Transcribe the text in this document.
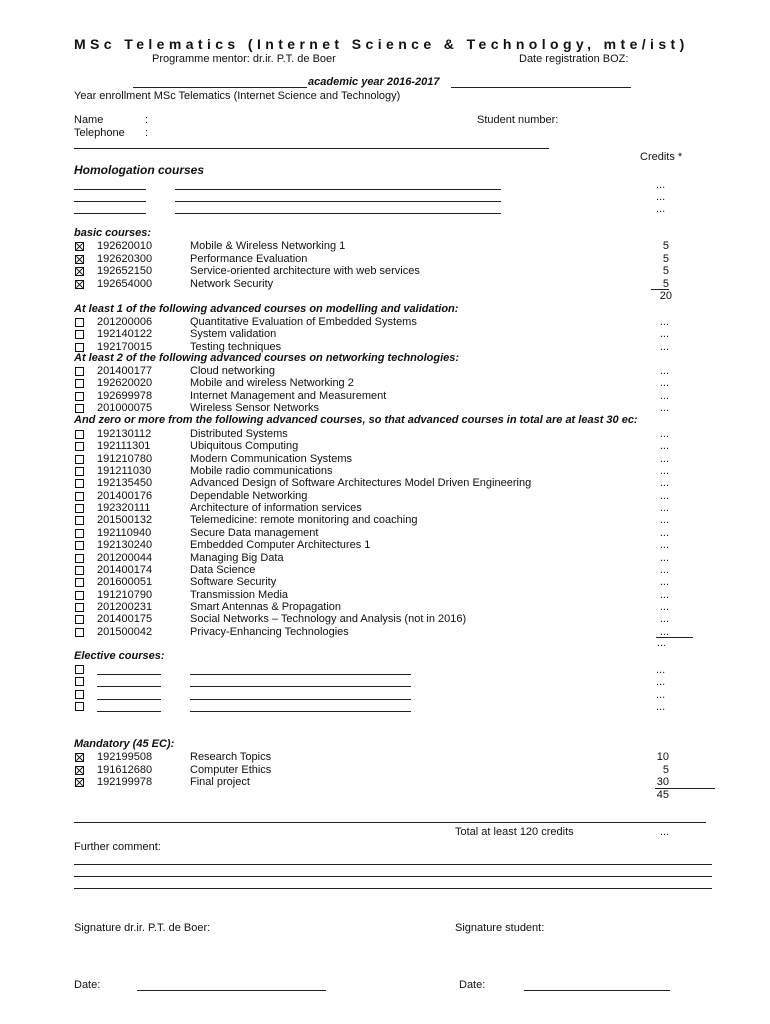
MSc Telematics (Internet Science & Technology, mte/ist)
Programme mentor: dr.ir. P.T. de Boer	Date registration BOZ:
academic year 2016-2017
Year enrollment MSc Telematics (Internet Science and Technology)
Name	:	Student number:
Telephone :
Credits *
Homologation courses
...
...
...
basic courses:
192620010	Mobile & Wireless Networking 1	5
192620300	Performance Evaluation	5
192652150	Service-oriented architecture with web services	5
192654000	Network Security	5
20
At least 1 of the following advanced courses on modelling and validation:
201200006	Quantitative Evaluation of Embedded Systems	...
192140122	System validation	...
192170015	Testing techniques	...
At least 2 of the following advanced courses on networking technologies:
201400177	Cloud networking	...
192620020	Mobile and wireless Networking 2	...
192699978	Internet Management and Measurement	...
201000075	Wireless Sensor Networks	...
And zero or more from the following advanced courses, so that advanced courses in total are at least 30 ec:
192130112	Distributed Systems	...
192111301	Ubiquitous Computing	...
191210780	Modern Communication Systems	...
191211030	Mobile radio communications	...
192135450	Advanced Design of Software Architectures Model Driven Engineering	...
201400176	Dependable Networking	...
192320111	Architecture of information services	...
201500132	Telemedicine: remote monitoring and coaching	...
192110940	Secure Data management	...
192130240	Embedded Computer Architectures 1	...
201200044	Managing Big Data	...
201400174	Data Science	...
201600051	Software Security	...
191210790	Transmission Media	...
201200231	Smart Antennas & Propagation	...
201400175	Social Networks – Technology and Analysis (not in 2016)	...
201500042	Privacy-Enhancing Technologies	...
...
Elective courses:
...
...
...
...
Mandatory (45 EC):
192199508	Research Topics	10
191612680	Computer Ethics	5
192199978	Final project	30
45
Total at least 120 credits	...
Further comment:
Signature dr.ir. P.T. de Boer:	Signature student:
Date:	Date:
